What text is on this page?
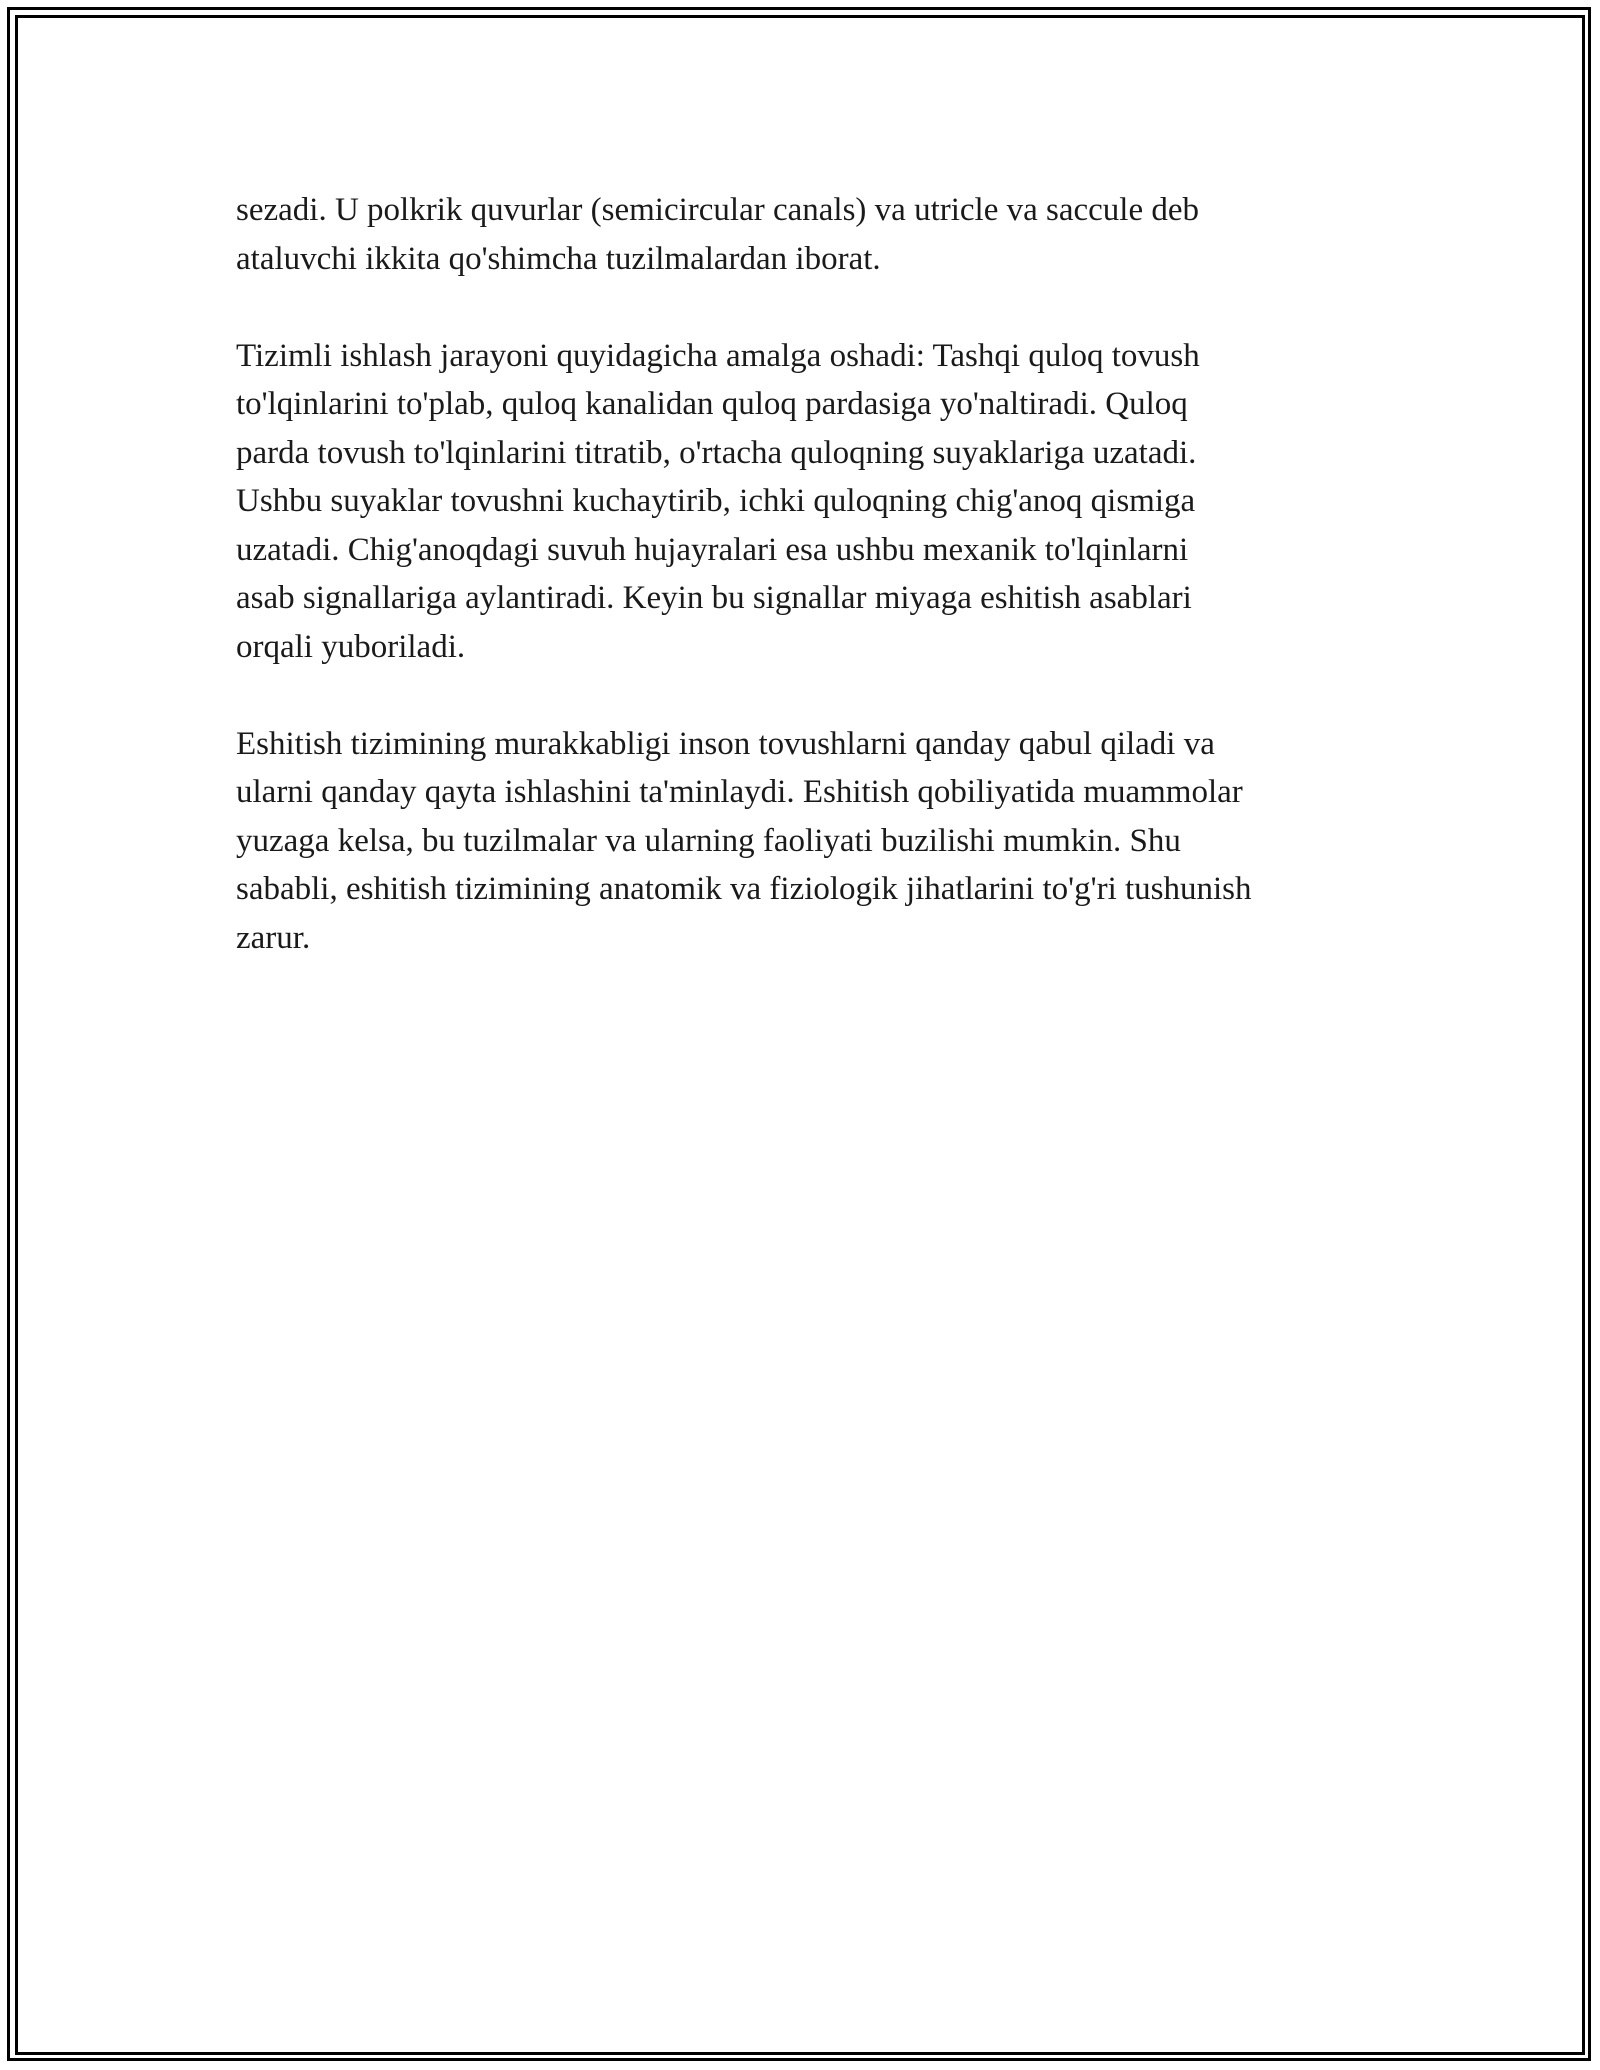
sezadi. U polkrik quvurlar (semicircular canals) va utricle va saccule deb
ataluvchi ikkita qo'shimcha tuzilmalardan iborat.

Tizimli ishlash jarayoni quyidagicha amalga oshadi: Tashqi quloq tovush
to'lqinlarini to'plab, quloq kanalidan quloq pardasiga yo'naltiradi. Quloq
parda tovush to'lqinlarini titratib, o'rtacha quloqning suyaklariga uzatadi.
Ushbu suyaklar tovushni kuchaytirib, ichki quloqning chig'anoq qismiga
uzatadi. Chig'anoqdagi suvuh hujayralari esa ushbu mexanik to'lqinlarni
asab signallariga aylantiradi. Keyin bu signallar miyaga eshitish asablari
orqali yuboriladi.

Eshitish tizimining murakkabligi inson tovushlarni qanday qabul qiladi va
ularni qanday qayta ishlashini ta'minlaydi. Eshitish qobiliyatida muammolar
yuzaga kelsa, bu tuzilmalar va ularning faoliyati buzilishi mumkin. Shu
sababli, eshitish tizimining anatomik va fiziologik jihatlarini to'g'ri tushunish
zarur.
